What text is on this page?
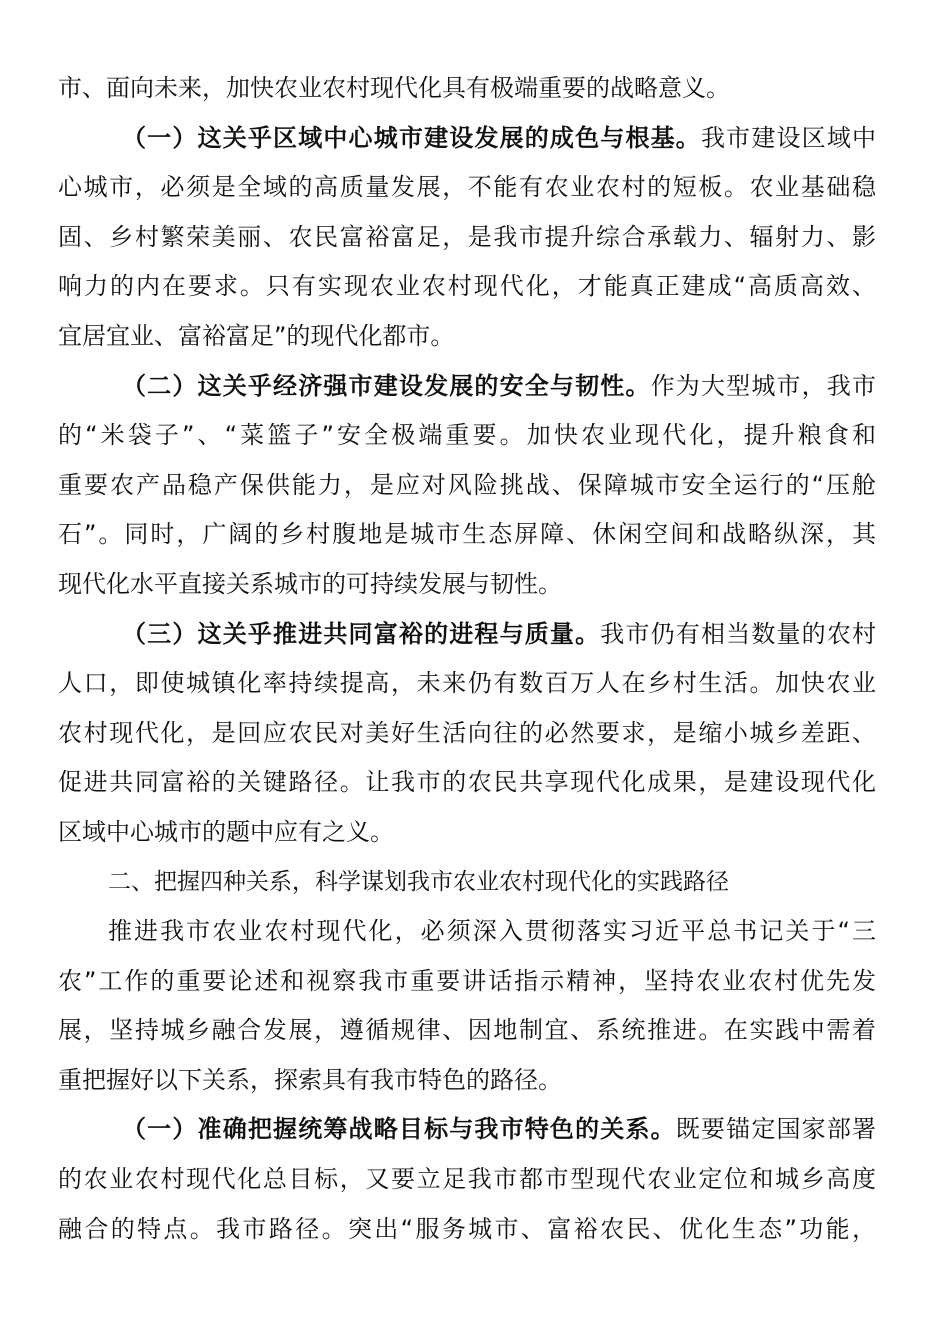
市、面向未来，加快农业农村现代化具有极端重要的战略意义。
（一）这关乎区域中心城市建设发展的成色与根基。我市建设区域中
心城市，必须是全域的高质量发展，不能有农业农村的短板。农业基础稳
固、乡村繁荣美丽、农民富裕富足，是我市提升综合承载力、辐射力、影
响力的内在要求。只有实现农业农村现代化，才能真正建成“高质高效、
宜居宜业、富裕富足”的现代化都市。
（二）这关乎经济强市建设发展的安全与韧性。作为大型城市，我市
的“米袋子”、“菜篮子”安全极端重要。加快农业现代化，提升粮食和
重要农产品稳产保供能力，是应对风险挑战、保障城市安全运行的“压舱
石”。同时，广阔的乡村腹地是城市生态屏障、休闲空间和战略纵深，其
现代化水平直接关系城市的可持续发展与韧性。
（三）这关乎推进共同富裕的进程与质量。我市仍有相当数量的农村
人口，即使城镇化率持续提高，未来仍有数百万人在乡村生活。加快农业
农村现代化，是回应农民对美好生活向往的必然要求，是缩小城乡差距、
促进共同富裕的关键路径。让我市的农民共享现代化成果，是建设现代化
区域中心城市的题中应有之义。
二、把握四种关系，科学谋划我市农业农村现代化的实践路径
推进我市农业农村现代化，必须深入贯彻落实习近平总书记关于“三
农”工作的重要论述和视察我市重要讲话指示精神，坚持农业农村优先发
展，坚持城乡融合发展，遵循规律、因地制宜、系统推进。在实践中需着
重把握好以下关系，探索具有我市特色的路径。
（一）准确把握统筹战略目标与我市特色的关系。既要锚定国家部署
的农业农村现代化总目标，又要立足我市都市型现代农业定位和城乡高度
融合的特点。我市路径。突出“服务城市、富裕农民、优化生态”功能，
